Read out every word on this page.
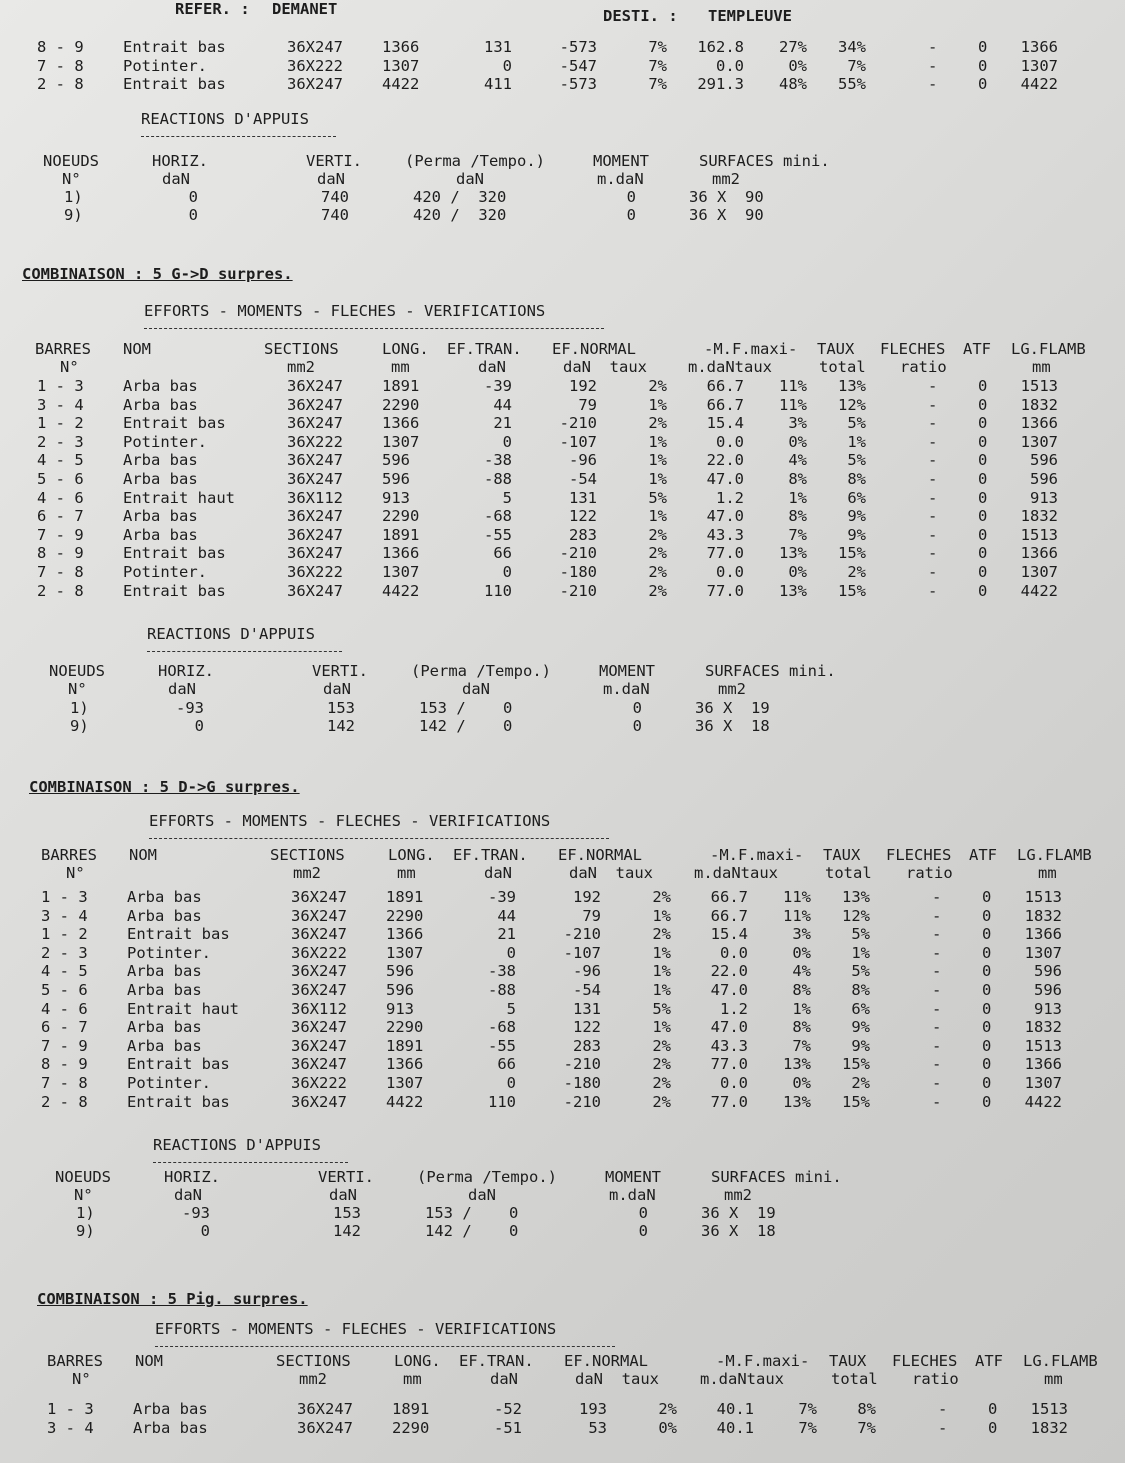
REFER. : DEMANET	DESTI. : TEMPLEUVE
8 - 9	Entrait bas	36X247	1366	131	-573	7% 162.8 27% 34%	-	0 1366
7 - 8	Potinter.	36X222	1307	0	-547	7%	0.0	0%	7%	-	0 1307
2 - 8	Entrait bas	36X247	4422	411	-573	7% 291.3 48% 55%	-	0 4422
REACTIONS D'APPUIS
NOEUDS	HORIZ.	VERTI.	(Perma /Tempo.)	MOMENT	SURFACES mini.
N°	daN	daN	daN	m.daN	mm2
1)	0	740	420 /  320	0	36 X  90
9)	0	740	420 /  320	0	36 X  90
COMBINAISON : 5 G->D surpres.
EFFORTS - MOMENTS - FLECHES - VERIFICATIONS
BARRES NOM	SECTIONS	LONG. EF.TRAN. EF.NORMAL	-M.F.maxi- TAUX FLECHES ATF LG.FLAMB
N°	mm2	mm	daN	daN  taux	m.daNtaux	total ratio	mm
1 - 3	Arba bas	36X247	1891	-39	192	2%	66.7 11% 13%	-	0 1513
3 - 4	Arba bas	36X247	2290	44	79	1%	66.7 11% 12%	-	0 1832
1 - 2	Entrait bas	36X247	1366	21	-210	2%	15.4	3%	5%	-	0 1366
2 - 3	Potinter.	36X222	1307	0	-107	1%	0.0	0%	1%	-	0 1307
4 - 5	Arba bas	36X247	596	-38	-96	1%	22.0	4%	5%	-	0	596
5 - 6	Arba bas	36X247	596	-88	-54	1%	47.0	8%	8%	-	0	596
4 - 6	Entrait haut	36X112	913	5	131	5%	1.2	1%	6%	-	0	913
6 - 7	Arba bas	36X247	2290	-68	122	1%	47.0	8%	9%	-	0 1832
7 - 9	Arba bas	36X247	1891	-55	283	2%	43.3	7%	9%	-	0 1513
8 - 9	Entrait bas	36X247	1366	66	-210	2%	77.0 13% 15%	-	0 1366
7 - 8	Potinter.	36X222	1307	0	-180	2%	0.0	0%	2%	-	0 1307
2 - 8	Entrait bas	36X247	4422	110	-210	2%	77.0 13% 15%	-	0 4422
REACTIONS D'APPUIS
NOEUDS	HORIZ.	VERTI.	(Perma /Tempo.)	MOMENT	SURFACES mini.
N°	daN	daN	daN	m.daN	mm2
1)	-93	153	153 /    0	0	36 X  19
9)	0	142	142 /    0	0	36 X  18
COMBINAISON : 5 D->G surpres.
EFFORTS - MOMENTS - FLECHES - VERIFICATIONS
BARRES NOM	SECTIONS	LONG. EF.TRAN. EF.NORMAL	-M.F.maxi- TAUX FLECHES ATF LG.FLAMB
N°	mm2	mm	daN	daN  taux	m.daNtaux	total ratio	mm
1 - 3	Arba bas	36X247	1891	-39	192	2%	66.7 11% 13%	-	0 1513
3 - 4	Arba bas	36X247	2290	44	79	1%	66.7 11% 12%	-	0 1832
1 - 2	Entrait bas	36X247	1366	21	-210	2%	15.4	3%	5%	-	0 1366
2 - 3	Potinter.	36X222	1307	0	-107	1%	0.0	0%	1%	-	0 1307
4 - 5	Arba bas	36X247	596	-38	-96	1%	22.0	4%	5%	-	0	596
5 - 6	Arba bas	36X247	596	-88	-54	1%	47.0	8%	8%	-	0	596
4 - 6	Entrait haut	36X112	913	5	131	5%	1.2	1%	6%	-	0	913
6 - 7	Arba bas	36X247	2290	-68	122	1%	47.0	8%	9%	-	0 1832
7 - 9	Arba bas	36X247	1891	-55	283	2%	43.3	7%	9%	-	0 1513
8 - 9	Entrait bas	36X247	1366	66	-210	2%	77.0 13% 15%	-	0 1366
7 - 8	Potinter.	36X222	1307	0	-180	2%	0.0	0%	2%	-	0 1307
2 - 8	Entrait bas	36X247	4422	110	-210	2%	77.0 13% 15%	-	0 4422
REACTIONS D'APPUIS
NOEUDS	HORIZ.	VERTI.	(Perma /Tempo.)	MOMENT	SURFACES mini.
N°	daN	daN	daN	m.daN	mm2
1)	-93	153	153 /    0	0	36 X  19
9)	0	142	142 /    0	0	36 X  18
COMBINAISON : 5 Pig. surpres.
EFFORTS - MOMENTS - FLECHES - VERIFICATIONS
BARRES NOM	SECTIONS	LONG. EF.TRAN. EF.NORMAL	-M.F.maxi- TAUX FLECHES ATF LG.FLAMB
N°	mm2	mm	daN	daN  taux	m.daNtaux	total ratio	mm
1 - 3	Arba bas	36X247	1891	-52	193	2%	40.1	7%	8%	-	0 1513
3 - 4	Arba bas	36X247	2290	-51	53	0%	40.1	7%	7%	-	0 1832
